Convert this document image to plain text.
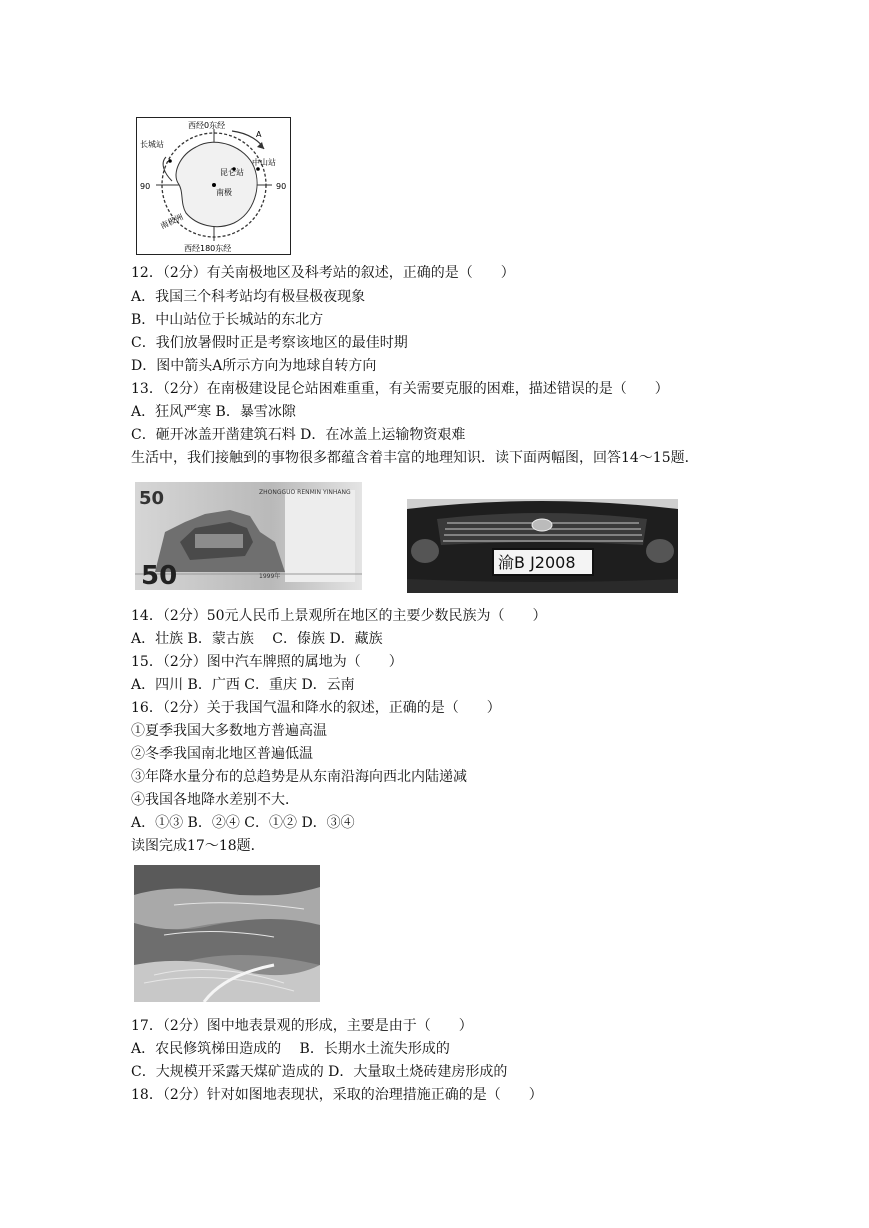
西经0东经
西经180东经
90	90
A
长城站
中山站
昆仑站
南极
南极洲
50
50
ZHONGGUO RENMIN YINHANG
1999年
渝B J2008
12．（2分）有关南极地区及科考站的叙述，正确的是（　　）
A．我国三个科考站均有极昼极夜现象
B．中山站位于长城站的东北方
C．我们放暑假时正是考察该地区的最佳时期
D．图中箭头A所示方向为地球自转方向
13．（2分）在南极建设昆仑站困难重重，有关需要克服的困难，描述错误的是（　　）
A．狂风严寒 B．暴雪冰隙
C．砸开冰盖开凿建筑石料 D．在冰盖上运输物资艰难
生活中，我们接触到的事物很多都蕴含着丰富的地理知识．读下面两幅图，回答14～15题．
14．（2分）50元人民币上景观所在地区的主要少数民族为（　　）
A．壮族 B．蒙古族　 C．傣族 D．藏族
15．（2分）图中汽车牌照的属地为（　　）
A．四川 B．广西 C．重庆 D．云南
16．（2分）关于我国气温和降水的叙述，正确的是（　　）
①夏季我国大多数地方普遍高温
②冬季我国南北地区普遍低温
③年降水量分布的总趋势是从东南沿海向西北内陆递减
④我国各地降水差别不大．
A．①③ B．②④ C．①② D．③④
读图完成17～18题．
17．（2分）图中地表景观的形成，主要是由于（　　）
A．农民修筑梯田造成的　 B．长期水土流失形成的
C．大规模开采露天煤矿造成的 D．大量取土烧砖建房形成的
18．（2分）针对如图地表现状，采取的治理措施正确的是（　　）
